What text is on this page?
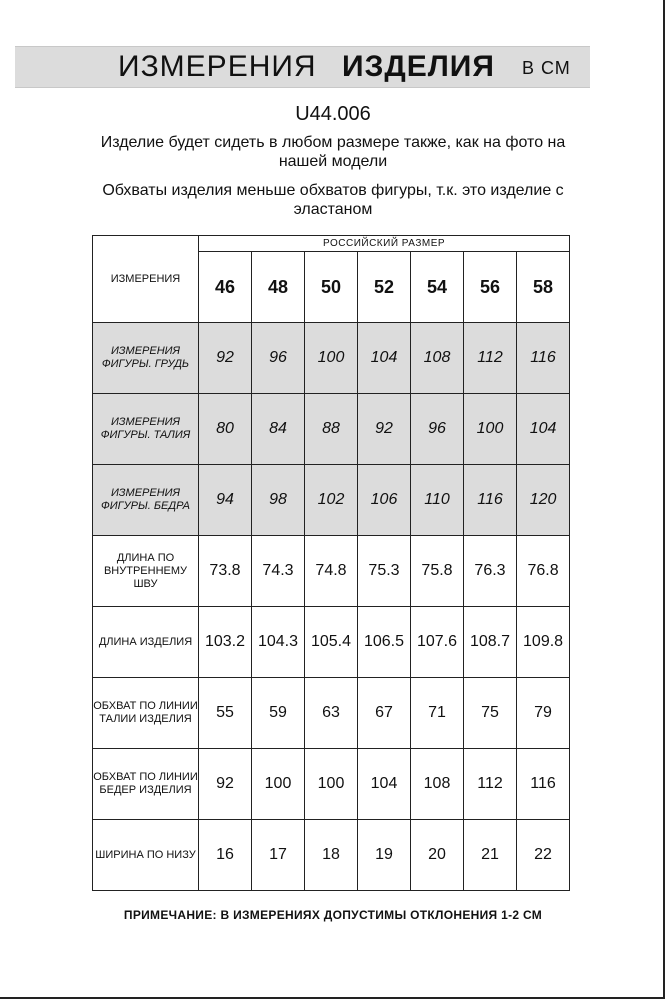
ИЗМЕРЕНИЯ ИЗДЕЛИЯ В СМ
U44.006
Изделие будет сидеть в любом размере также, как на фото на нашей модели
Обхваты изделия меньше обхватов фигуры, т.к. это изделие с эластаном
ИЗМЕРЕНИЯ	РОССИЙСКИЙ РАЗМЕР						
	46	48	50	52	54	56	58
ИЗМЕРЕНИЯ ФИГУРЫ. ГРУДЬ	92	96	100	104	108	112	116
ИЗМЕРЕНИЯ ФИГУРЫ. ТАЛИЯ	80	84	88	92	96	100	104
ИЗМЕРЕНИЯ ФИГУРЫ. БЕДРА	94	98	102	106	110	116	120
ДЛИНА ПО ВНУТРЕННЕМУ ШВУ	73.8	74.3	74.8	75.3	75.8	76.3	76.8
ДЛИНА ИЗДЕЛИЯ	103.2	104.3	105.4	106.5	107.6	108.7	109.8
ОБХВАТ ПО ЛИНИИ ТАЛИИ ИЗДЕЛИЯ	55	59	63	67	71	75	79
ОБХВАТ ПО ЛИНИИ БЕДЕР ИЗДЕЛИЯ	92	100	100	104	108	112	116
ШИРИНА ПО НИЗУ	16	17	18	19	20	21	22
ПРИМЕЧАНИЕ: В ИЗМЕРЕНИЯХ ДОПУСТИМЫ ОТКЛОНЕНИЯ 1-2 СМ
